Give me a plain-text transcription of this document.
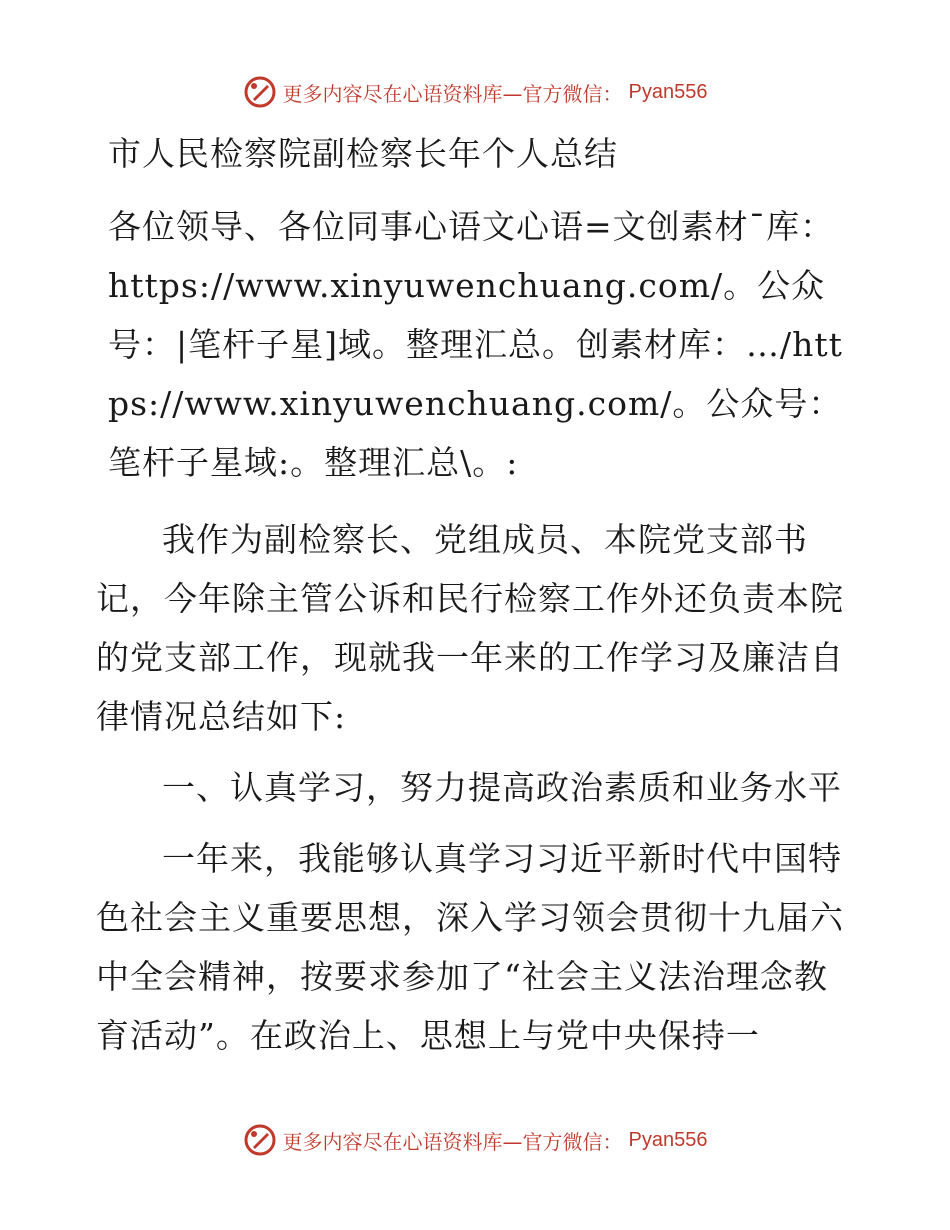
更多内容尽在心语资料库—官方微信： Pyan556

市人民检察院副检察长年个人总结

各位领导、各位同事心语文心语=文创素材¯库：https://www.xinyuwenchuang.com/。公众号：|笔杆子星]域。整理汇总。创素材库：…/https://www.xinyuwenchuang.com/。公众号：笔杆子星域:。整理汇总\。:

我作为副检察长、党组成员、本院党支部书记，今年除主管公诉和民行检察工作外还负责本院的党支部工作，现就我一年来的工作学习及廉洁自律情况总结如下:

一、认真学习，努力提高政治素质和业务水平

一年来，我能够认真学习习近平新时代中国特色社会主义重要思想，深入学习领会贯彻十九届六中全会精神，按要求参加了“社会主义法治理念教育活动”。在政治上、思想上与党中央保持一

更多内容尽在心语资料库—官方微信： Pyan556
